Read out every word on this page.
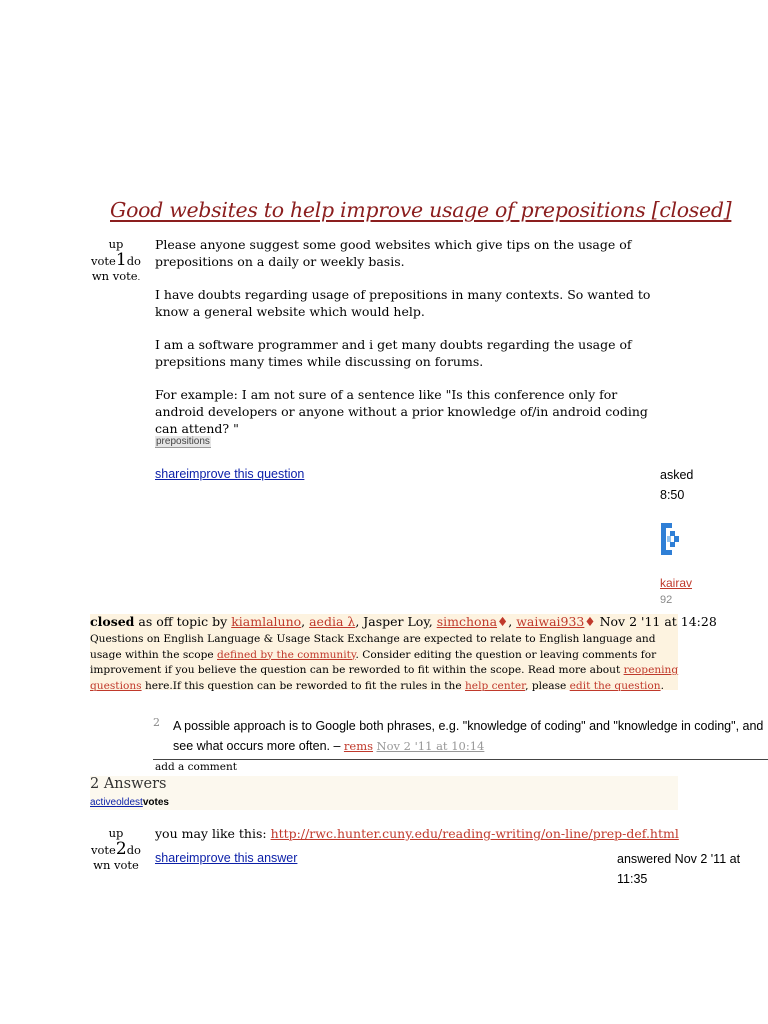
Good websites to help improve usage of prepositions [closed]
up
vote1do
wn vote.
Please anyone suggest some good websites which give tips on the usage of prepositions on a daily or weekly basis.
I have doubts regarding usage of prepositions in many contexts. So wanted to know a general website which would help.
I am a software programmer and i get many doubts regarding the usage of prepsitions many times while discussing on forums.
For example: I am not sure of a sentence like "Is this conference only for android developers or anyone without a prior knowledge of/in android coding can attend? "
prepositions
shareimprove this question	asked
8:50
kairav
92
closed as off topic by kiamlaluno, aedia λ, Jasper Loy, simchona♦, waiwai933♦ Nov 2 '11 at 14:28
Questions on English Language & Usage Stack Exchange are expected to relate to English language and usage within the scope defined by the community. Consider editing the question or leaving comments for improvement if you believe the question can be reworded to fit within the scope. Read more about reopening questions here.If this question can be reworded to fit the rules in the help center, please edit the question.
2 A possible approach is to Google both phrases, e.g. "knowledge of coding" and "knowledge in coding", and see what occurs more often. – rems Nov 2 '11 at 10:14
add a comment
2 Answers
activeoldestvotes
up
vote2do
wn vote
you may like this: http://rwc.hunter.cuny.edu/reading-writing/on-line/prep-def.html
shareimprove this answer	answered Nov 2 '11 at 11:35
